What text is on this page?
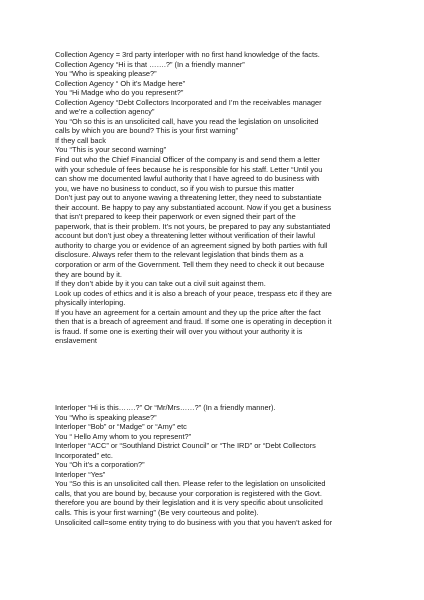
Collection Agency = 3rd party interloper with no first hand knowledge of the facts.
Collection Agency “Hi is that …….?” (In a friendly manner”
You “Who is speaking please?”
Collection Agency “ Oh it’s Madge here”
You “Hi Madge who do you represent?”
Collection Agency “Debt Collectors Incorporated and I’m the receivables manager
and we’re a collection agency”
You “Oh so this is an unsolicited call, have you read the legislation on unsolicited
calls by which you are bound? This is your first warning”
If they call back
You “This is your second warning”
Find out who the Chief Financial Officer of the company is and send them a letter
with your schedule of fees because he is responsible for his staff. Letter “Until you
can show me documented lawful authority that I have agreed to do business with
you, we have no business to conduct, so if you wish to pursue this matter
Don’t just pay out to anyone waving a threatening letter, they need to substantiate
their account. Be happy to pay any substantiated account. Now if you get a business
that isn’t prepared to keep their paperwork or even signed their part of the
paperwork, that is their problem. It’s not yours, be prepared to pay any substantiated
account but don’t just obey a threatening letter without verification of their lawful
authority to charge you or evidence of an agreement signed by both parties with full
disclosure. Always refer them to the relevant legislation that binds them as a
corporation or arm of the Government. Tell them they need to check it out because
they are bound by it.
If they don’t abide by it you can take out a civil suit against them.
Look up codes of ethics and it is also a breach of your peace, trespass etc if they are
physically interloping.
If you have an agreement for a certain amount and they up the price after the fact
then that is a breach of agreement and fraud. If some one is operating in deception it
is fraud. If some one is exerting their will over you without your authority it is
enslavement
Interloper “Hi is this…….?” Or “Mr/Mrs……?” (In a friendly manner).
You “Who is speaking please?”
Interloper “Bob” or “Madge” or “Amy” etc
You “ Hello Amy whom to you represent?”
Interloper “ACC” or “Southland District Council” or “The IRD” or “Debt Collectors
Incorporated” etc.
You “Oh it’s a corporation?”
Interloper “Yes”
You “So this is an unsolicited call then. Please refer to the legislation on unsolicited
calls, that you are bound by, because your corporation is registered with the Govt.
therefore you are bound by their legislation and it is very specific about unsolicited
calls. This is your first warning” (Be very courteous and polite).
Unsolicited call=some entity trying to do business with you that you haven’t asked for
